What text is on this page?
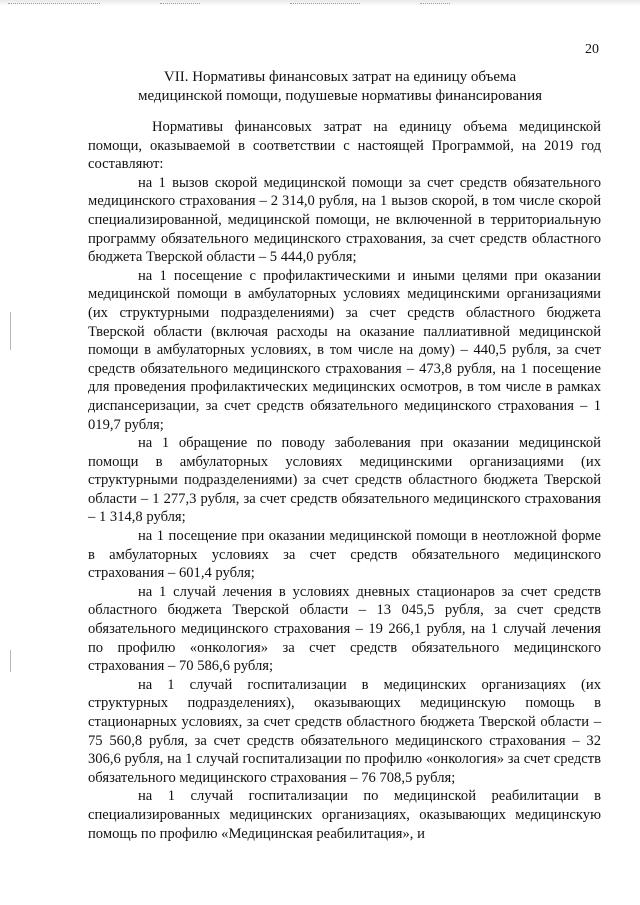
20
VII. Нормативы финансовых затрат на единицу объема
медицинской помощи, подушевые нормативы финансирования

Нормативы финансовых затрат на единицу объема медицинской помощи, оказываемой в соответствии с настоящей Программой, на 2019 год составляют:

на 1 вызов скорой медицинской помощи за счет средств обязательного медицинского страхования – 2 314,0 рубля, на 1 вызов скорой, в том числе скорой специализированной, медицинской помощи, не включенной в территориальную программу обязательного медицинского страхования, за счет средств областного бюджета Тверской области – 5 444,0 рубля;

на 1 посещение с профилактическими и иными целями при оказании медицинской помощи в амбулаторных условиях медицинскими организациями (их структурными подразделениями) за счет средств областного бюджета Тверской области (включая расходы на оказание паллиативной медицинской помощи в амбулаторных условиях, в том числе на дому) – 440,5 рубля, за счет средств обязательного медицинского страхования – 473,8 рубля, на 1 посещение для проведения профилактических медицинских осмотров, в том числе в рамках диспансеризации, за счет средств обязательного медицинского страхования – 1 019,7 рубля;

на 1 обращение по поводу заболевания при оказании медицинской помощи в амбулаторных условиях медицинскими организациями (их структурными подразделениями) за счет средств областного бюджета Тверской области – 1 277,3 рубля, за счет средств обязательного медицинского страхования – 1 314,8 рубля;

на 1 посещение при оказании медицинской помощи в неотложной форме в амбулаторных условиях за счет средств обязательного медицинского страхования – 601,4 рубля;

на 1 случай лечения в условиях дневных стационаров за счет средств областного бюджета Тверской области – 13 045,5 рубля, за счет средств обязательного медицинского страхования – 19 266,1 рубля, на 1 случай лечения по профилю «онкология» за счет средств обязательного медицинского страхования – 70 586,6 рубля;

на 1 случай госпитализации в медицинских организациях (их структурных подразделениях), оказывающих медицинскую помощь в стационарных условиях, за счет средств областного бюджета Тверской области – 75 560,8 рубля, за счет средств обязательного медицинского страхования – 32 306,6 рубля, на 1 случай госпитализации по профилю «онкология» за счет средств обязательного медицинского страхования – 76 708,5 рубля;

на 1 случай госпитализации по медицинской реабилитации в специализированных медицинских организациях, оказывающих медицинскую помощь по профилю «Медицинская реабилитация», и
